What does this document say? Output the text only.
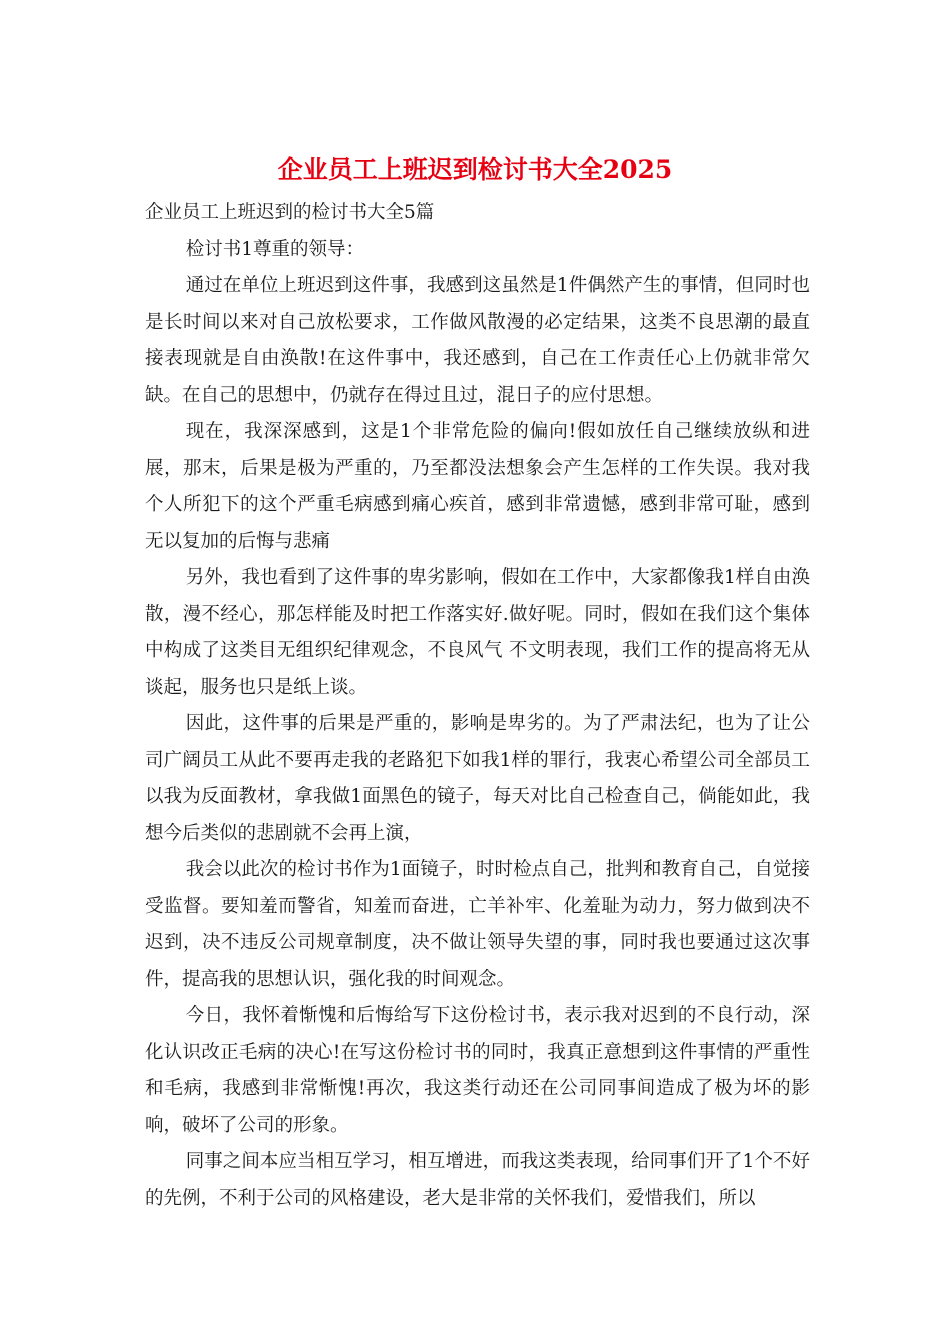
企业员工上班迟到检讨书大全2025

企业员工上班迟到的检讨书大全5篇

检讨书1尊重的领导：

通过在单位上班迟到这件事，我感到这虽然是1件偶然产生的事情，但同时也是长时间以来对自己放松要求，工作做风散漫的必定结果，这类不良思潮的最直接表现就是自由涣散!在这件事中，我还感到，自己在工作责任心上仍就非常欠缺。在自己的思想中，仍就存在得过且过，混日子的应付思想。

现在，我深深感到，这是1个非常危险的偏向!假如放任自己继续放纵和进展，那末，后果是极为严重的，乃至都没法想象会产生怎样的工作失误。我对我个人所犯下的这个严重毛病感到痛心疾首，感到非常遗憾，感到非常可耻，感到无以复加的后悔与悲痛

另外，我也看到了这件事的卑劣影响，假如在工作中，大家都像我1样自由涣散，漫不经心，那怎样能及时把工作落实好.做好呢。同时，假如在我们这个集体中构成了这类目无组织纪律观念，不良风气 不文明表现，我们工作的提高将无从谈起，服务也只是纸上谈。

因此，这件事的后果是严重的，影响是卑劣的。为了严肃法纪，也为了让公司广阔员工从此不要再走我的老路犯下如我1样的罪行，我衷心希望公司全部员工以我为反面教材，拿我做1面黑色的镜子，每天对比自己检查自己，倘能如此，我想今后类似的悲剧就不会再上演，

我会以此次的检讨书作为1面镜子，时时检点自己，批判和教育自己，自觉接受监督。要知羞而警省，知羞而奋进，亡羊补牢、化羞耻为动力，努力做到决不迟到，决不违反公司规章制度，决不做让领导失望的事，同时我也要通过这次事件，提高我的思想认识，强化我的时间观念。

今日，我怀着惭愧和后悔给写下这份检讨书，表示我对迟到的不良行动，深化认识改正毛病的决心!在写这份检讨书的同时，我真正意想到这件事情的严重性和毛病，我感到非常惭愧!再次，我这类行动还在公司同事间造成了极为坏的影响，破坏了公司的形象。

同事之间本应当相互学习，相互增进，而我这类表现，给同事们开了1个不好的先例，不利于公司的风格建设，老大是非常的关怀我们，爱惜我们，所以
